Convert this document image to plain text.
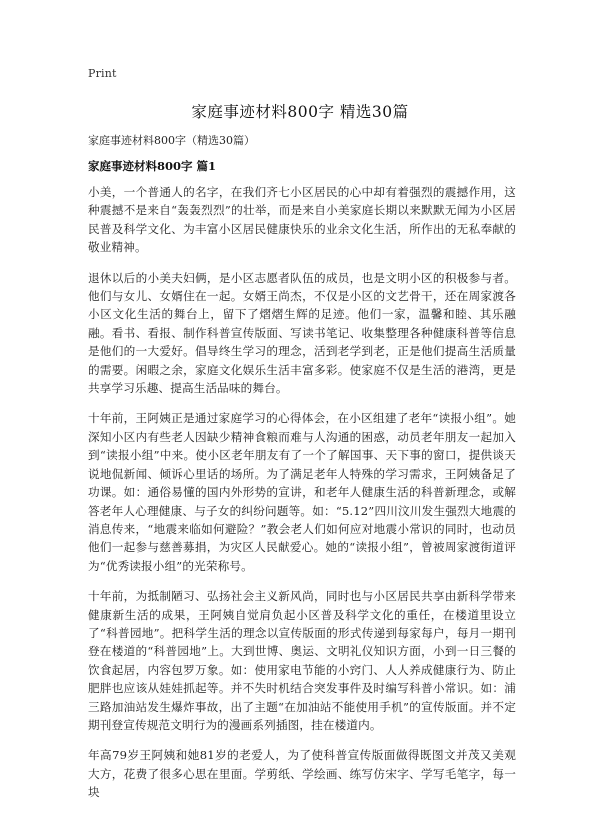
Print
家庭事迹材料800字 精选30篇
家庭事迹材料800字（精选30篇）
家庭事迹材料800字 篇1

小美，一个普通人的名字，在我们齐七小区居民的心中却有着强烈的震撼作用，这种震撼不是来自“轰轰烈烈”的壮举，而是来自小美家庭长期以来默默无闻为小区居民普及科学文化、为丰富小区居民健康快乐的业余文化生活，所作出的无私奉献的敬业精神。

退休以后的小美夫妇俩，是小区志愿者队伍的成员，也是文明小区的积极参与者。他们与女儿、女婿住在一起。女婿王尚杰，不仅是小区的文艺骨干，还在周家渡各小区文化生活的舞台上，留下了熠熠生辉的足迹。他们一家，温馨和睦、其乐融融。看书、看报、制作科普宣传版面、写读书笔记、收集整理各种健康科普等信息是他们的一大爱好。倡导终生学习的理念，活到老学到老，正是他们提高生活质量的需要。闲暇之余，家庭文化娱乐生活丰富多彩。使家庭不仅是生活的港湾，更是共享学习乐趣、提高生活品味的舞台。

十年前，王阿姨正是通过家庭学习的心得体会，在小区组建了老年“读报小组”。她深知小区内有些老人因缺少精神食粮而难与人沟通的困惑，动员老年朋友一起加入到“读报小组”中来。使小区老年朋友有了一个了解国事、天下事的窗口，提供谈天说地侃新闻、倾诉心里话的场所。为了满足老年人特殊的学习需求，王阿姨备足了功课。如：通俗易懂的国内外形势的宣讲，和老年人健康生活的科普新理念，或解答老年人心理健康、与子女的纠纷问题等。如：“5.12”四川汶川发生强烈大地震的消息传来，“地震来临如何避险？”教会老人们如何应对地震小常识的同时，也动员他们一起参与慈善募捐，为灾区人民献爱心。她的“读报小组”，曾被周家渡街道评为“优秀读报小组”的光荣称号。

十年前，为抵制陋习、弘扬社会主义新风尚，同时也与小区居民共享由新科学带来健康新生活的成果，王阿姨自觉肩负起小区普及科学文化的重任，在楼道里设立了“科普园地”。把科学生活的理念以宣传版面的形式传递到每家每户，每月一期刊登在楼道的“科普园地”上。大到世博、奥运、文明礼仪知识方面，小到一日三餐的饮食起居，内容包罗万象。如：使用家电节能的小窍门、人人养成健康行为、防止肥胖也应该从娃娃抓起等。并不失时机结合突发事件及时编写科普小常识。如：浦三路加油站发生爆炸事故，出了主题“在加油站不能使用手机”的宣传版面。并不定期刊登宣传规范文明行为的漫画系列插图，挂在楼道内。

年高79岁王阿姨和她81岁的老爱人，为了使科普宣传版面做得既图文并茂又美观大方，花费了很多心思在里面。学剪纸、学绘画、练写仿宋字、学写毛笔字，每一块
